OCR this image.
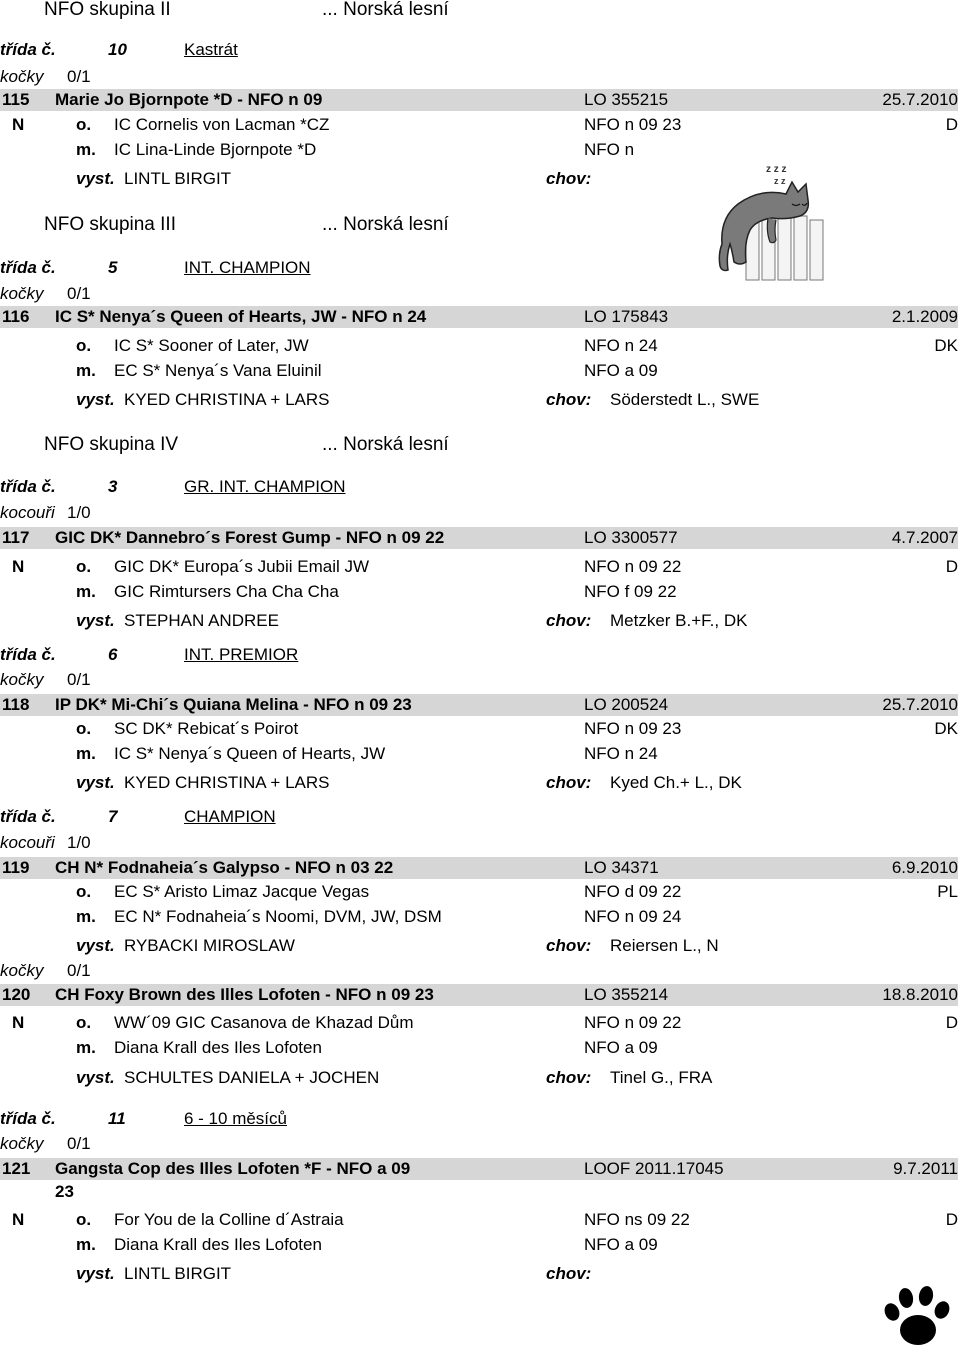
NFO skupina II	... Norská lesní
třída č.	10	Kastrát
kočky 0/1
115 Marie Jo Bjornpote *D - NFO n 09	LO 355215	25.7.2010
N	o. IC Cornelis von Lacman *CZ	NFO n 09 23	D
m. IC Lina-Linde Bjornpote *D	NFO n
vyst. LINTL BIRGIT	chov:	z z z
z z
NFO skupina III	... Norská lesní
třída č.	5	INT. CHAMPION
kočky 0/1
116 IC S* Nenya´s Queen of Hearts, JW - NFO n 24	LO 175843	2.1.2009
o. IC S* Sooner of Later, JW	NFO n 24	DK
m. EC S* Nenya´s Vana Eluinil	NFO a 09
vyst. KYED CHRISTINA + LARS	chov: Söderstedt L., SWE
NFO skupina IV	... Norská lesní
třída č.	3	GR. INT. CHAMPION
kocouři 1/0
117 GIC DK* Dannebro´s Forest Gump - NFO n 09 22	LO 3300577	4.7.2007
N	o. GIC DK* Europa´s Jubii Email JW	NFO n 09 22	D
m. GIC Rimtursers Cha Cha Cha	NFO f 09 22
vyst. STEPHAN ANDREE	chov: Metzker B.+F., DK
třída č.	6	INT. PREMIOR
kočky 0/1
118 IP DK* Mi-Chi´s Quiana Melina - NFO n 09 23	LO 200524	25.7.2010
o. SC DK* Rebicat´s Poirot	NFO n 09 23	DK
m. IC S* Nenya´s Queen of Hearts, JW	NFO n 24
vyst. KYED CHRISTINA + LARS	chov: Kyed Ch.+ L., DK
třída č.	7	CHAMPION
kocouři 1/0
119 CH N* Fodnaheia´s Galypso - NFO n 03 22	LO 34371	6.9.2010
o. EC S* Aristo Limaz Jacque Vegas	NFO d 09 22	PL
m. EC N* Fodnaheia´s Noomi, DVM, JW, DSM	NFO n 09 24
vyst. RYBACKI MIROSLAW	chov: Reiersen L., N
kočky 0/1
120 CH Foxy Brown des Illes Lofoten - NFO n 09 23	LO 355214	18.8.2010
N	o. WW´09 GIC Casanova de Khazad Dům	NFO n 09 22	D
m. Diana Krall des Iles Lofoten	NFO a 09
vyst. SCHULTES DANIELA + JOCHEN	chov: Tinel G., FRA
třída č.	11	6 - 10 měsíců
kočky 0/1
121 Gangsta Cop des Illes Lofoten *F - NFO a 09
23
LOOF 2011.17045	9.7.2011
N	o. For You de la Colline d´Astraia	NFO ns 09 22	D
m. Diana Krall des Iles Lofoten	NFO a 09
vyst. LINTL BIRGIT	chov:
